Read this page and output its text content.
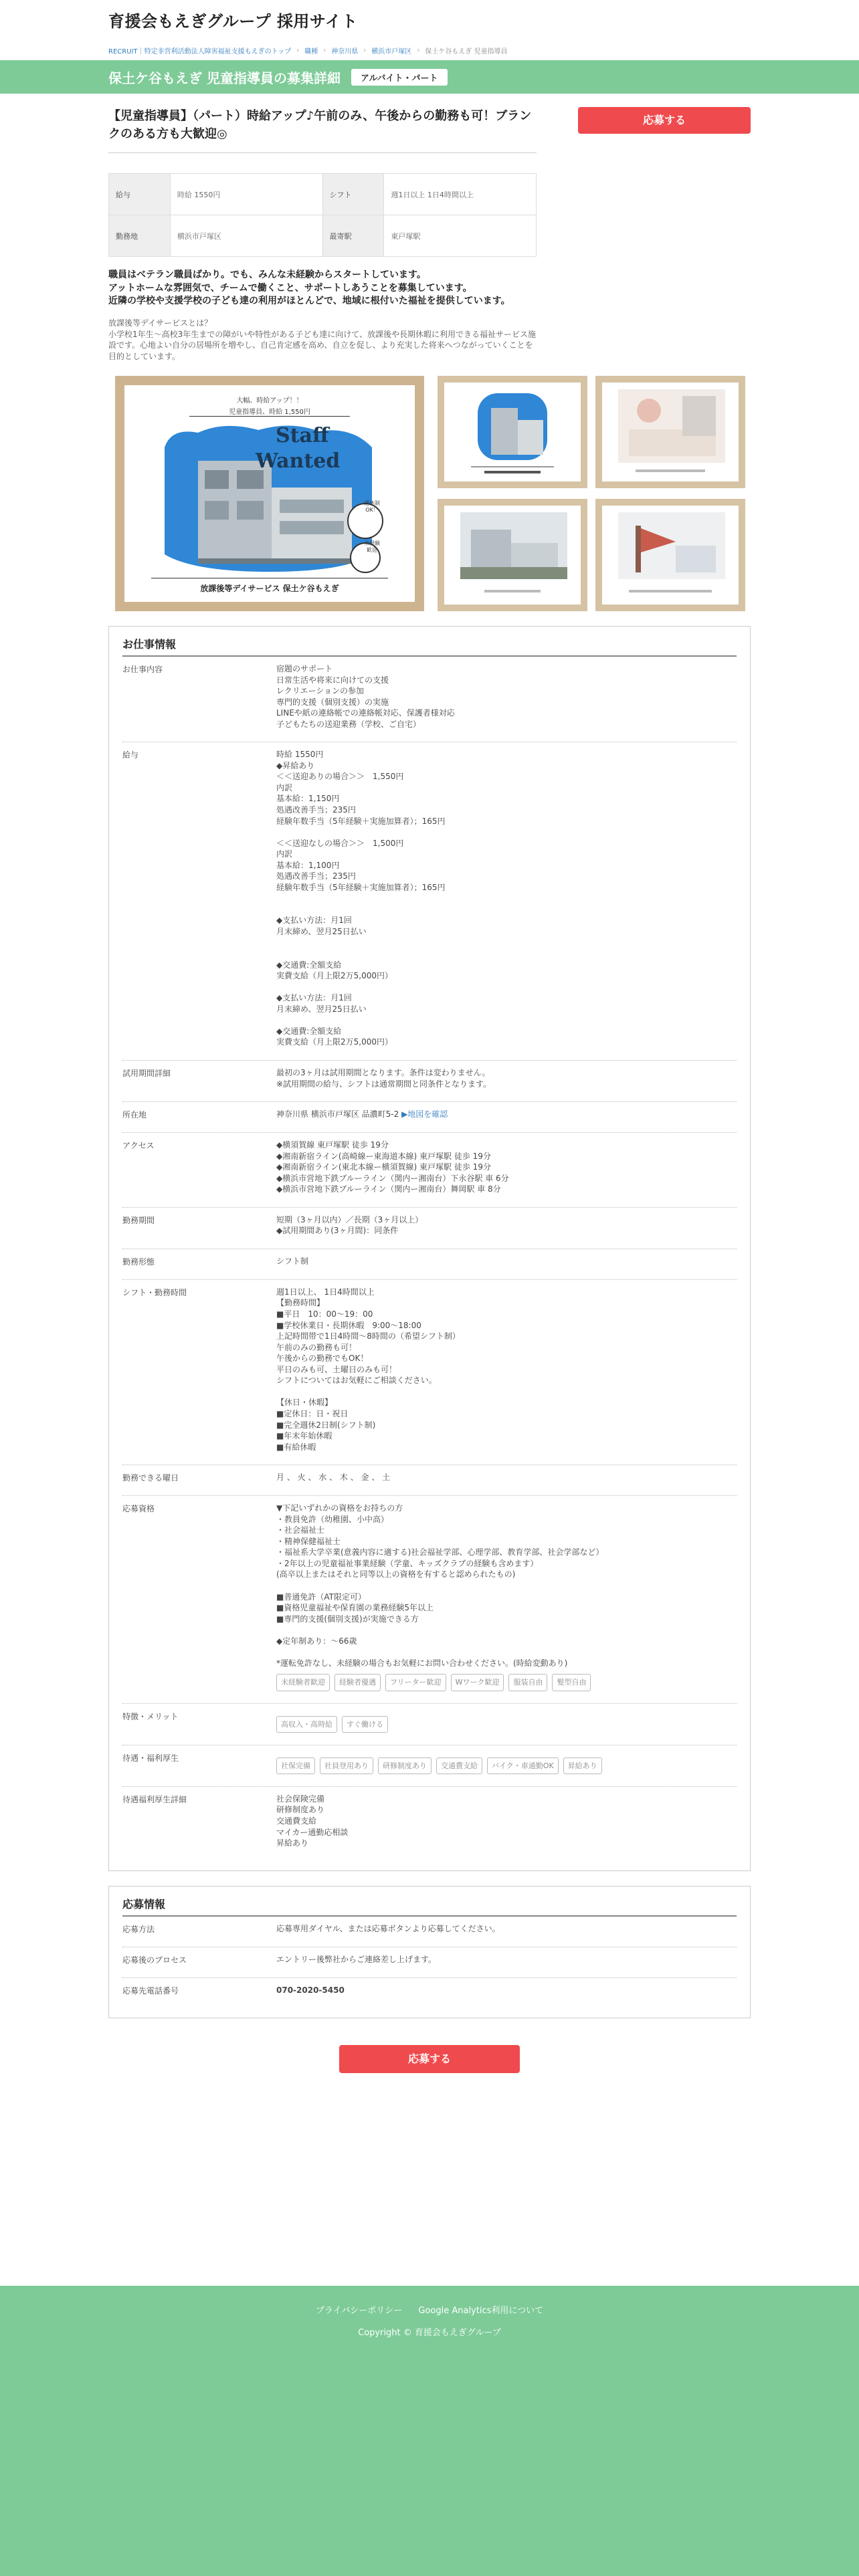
育援会もえぎグループ 採用サイト
RECRUIT｜特定非営利活動法人障害福祉支援もえぎのトップ › 職種 › 神奈川県 › 横浜市戸塚区 › 保土ケ谷もえぎ 児童指導員
保土ケ谷もえぎ 児童指導員の募集詳細	アルバイト・パート
【児童指導員】（パート）時給アップ♪午前のみ、午後からの勤務も可！ブランクのある方も大歓迎◎
給与	時給 1550円	シフト	週1日以上 1日4時間以上
勤務地	横浜市戸塚区	最寄駅	東戸塚駅
応募する
職員はベテラン職員ばかり。でも、みんな未経験からスタートしています。
アットホームな雰囲気で、チームで働くこと、サポートしあうことを募集しています。
近隣の学校や支援学校の子ども達の利用がほとんどで、地域に根付いた福祉を提供しています。
放課後等デイサービスとは？
小学校1年生〜高校3年生までの障がいや特性がある子ども達に向けて、放課後や長期休暇に利用できる福祉サービス施設です。心地よい自分の居場所を増やし、自己肯定感を高め、自立を促し、より充実した将来へつながっていくことを目的としています。
大幅、時給アップ！！
児童指導員、時給 1,550円
Staff
Wanted
週休制
OK！
未経験
歓迎
放課後等デイサービス 保土ケ谷もえぎ
お仕事情報
お仕事内容	宿題のサポート
日常生活や将来に向けての支援
レクリエーションの参加
専門的支援（個別支援）の実施
LINEや紙の連絡帳での連絡帳対応、保護者様対応
子どもたちの送迎業務（学校、ご自宅）
給与	時給 1550円
◆昇給あり
＜＜送迎ありの場合＞＞　1,550円
内訳
基本給：1,150円
処遇改善手当；235円
経験年数手当（5年経験＋実施加算者）；165円

＜＜送迎なしの場合＞＞　1,500円
内訳
基本給：1,100円
処遇改善手当；235円
経験年数手当（5年経験＋実施加算者）；165円

◆支払い方法：月1回
月末締め、翌月25日払い

◆交通費:全額支給
実費支給（月上限2万5,000円）

◆支払い方法：月1回
月末締め、翌月25日払い

◆交通費:全額支給
実費支給（月上限2万5,000円）
試用期間詳細	最初の3ヶ月は試用期間となります。条件は変わりません。
※試用期間の給与、シフトは通常期間と同条件となります。
所在地	神奈川県 横浜市戸塚区 品濃町5-2 ▶地図を確認
アクセス	◆横須賀線 東戸塚駅 徒歩 19分
◆湘南新宿ライン(高崎線ー東海道本線) 東戸塚駅 徒歩 19分
◆湘南新宿ライン(東北本線ー横須賀線) 東戸塚駅 徒歩 19分
◆横浜市営地下鉄ブルーライン（関内ー湘南台）下永谷駅 車 6分
◆横浜市営地下鉄ブルーライン（関内ー湘南台）舞岡駅 車 8分
勤務期間	短期（3ヶ月以内）／長期（3ヶ月以上）
◆試用期間あり(3ヶ月間)：同条件
勤務形態	シフト制
シフト・勤務時間	週1日以上、 1日4時間以上
【勤務時間】
■平日　10：00〜19：00
■学校休業日・長期休暇　9:00〜18:00
上記時間帯で1日4時間〜8時間の（希望シフト制）
午前のみの勤務も可！
午後からの勤務でもOK！
平日のみも可、土曜日のみも可！
シフトについてはお気軽にご相談ください。

【休日・休暇】
■定休日：日・祝日
■完全週休2日制(シフト制)
■年末年始休暇
■有給休暇
勤務できる曜日	月 、 火 、 水 、 木 、 金 、 土
応募資格	▼下記いずれかの資格をお持ちの方
・教員免許（幼稚園、小中高）
・社会福祉士
・精神保健福祉士
・福祉系大学卒業(意義内容に適する)社会福祉学部、心理学部、教育学部、社会学部など）
・2年以上の児童福祉事業経験（学童、キッズクラブの経験も含めます）
(高卒以上またはそれと同等以上の資格を有すると認められたもの)

■普通免許（AT限定可）
■資格児童福祉や保育園の業務経験5年以上
■専門的支援(個別支援)が実施できる方

◆定年制あり：〜66歳

*運転免許なし、未経験の場合もお気軽にお問い合わせください。(時給変動あり)
未経験者歓迎	経験者優遇	フリーター歓迎	Wワーク歓迎	服装自由	髪型自由
特徴・メリット
高収入・高時給	すぐ働ける
待遇・福利厚生
社保完備	社員登用あり	研修制度あり	交通費支給	バイク・車通勤OK	昇給あり
待遇福利厚生詳細	社会保険完備
研修制度あり
交通費支給
マイカー通勤応相談
昇給あり
応募情報
応募方法	応募専用ダイヤル、または応募ボタンより応募してください。
応募後のプロセス	エントリー後弊社からご連絡差し上げます。
応募先電話番号	070-2020-5450
応募する
プライバシーポリシー Google Analytics利用について
Copyright © 育援会もえぎグループ
